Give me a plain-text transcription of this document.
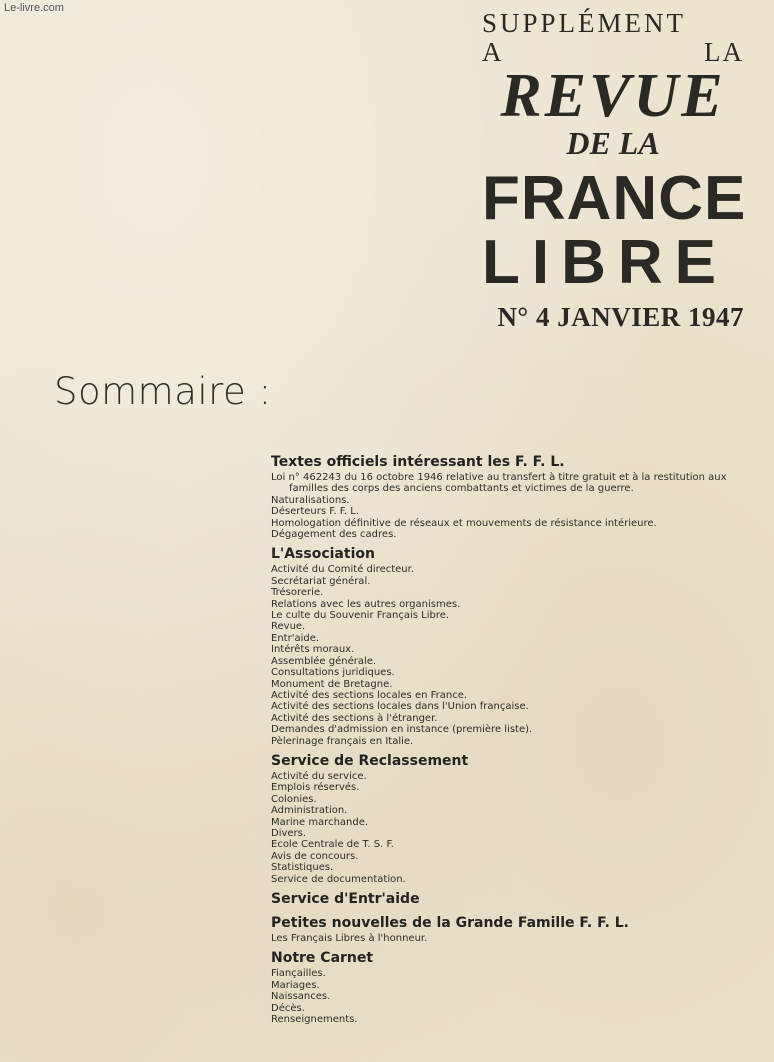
Le-livre.com	SUPPLÉMENT
A	LA
REVUE
DE LA
FRANCE
LIBRE
N° 4 JANVIER 1947
Sommaire :
Textes officiels intéressant les F. F. L.
Loi n° 462243 du 16 octobre 1946 relative au transfert à titre gratuit et à la restitution aux
familles des corps des anciens combattants et victimes de la guerre.
Naturalisations.
Déserteurs F. F. L.
Homologation définitive de réseaux et mouvements de résistance intérieure.
Dégagement des cadres.
L'Association
Activité du Comité directeur.
Secrétariat général.
Trésorerie.
Relations avec les autres organismes.
Le culte du Souvenir Français Libre.
Revue.
Entr'aide.
Intérêts moraux.
Assemblée générale.
Consultations juridiques.
Monument de Bretagne.
Activité des sections locales en France.
Activité des sections locales dans l'Union française.
Activité des sections à l'étranger.
Demandes d'admission en instance (première liste).
Pèlerinage français en Italie.
Service de Reclassement
Activité du service.
Emplois réservés.
Colonies.
Administration.
Marine marchande.
Divers.
Ecole Centrale de T. S. F.
Avis de concours.
Statistiques.
Service de documentation.
Service d'Entr'aide
Petites nouvelles de la Grande Famille F. F. L.
Les Français Libres à l'honneur.
Notre Carnet
Fiançailles.
Mariages.
Naissances.
Décès.
Renseignements.
